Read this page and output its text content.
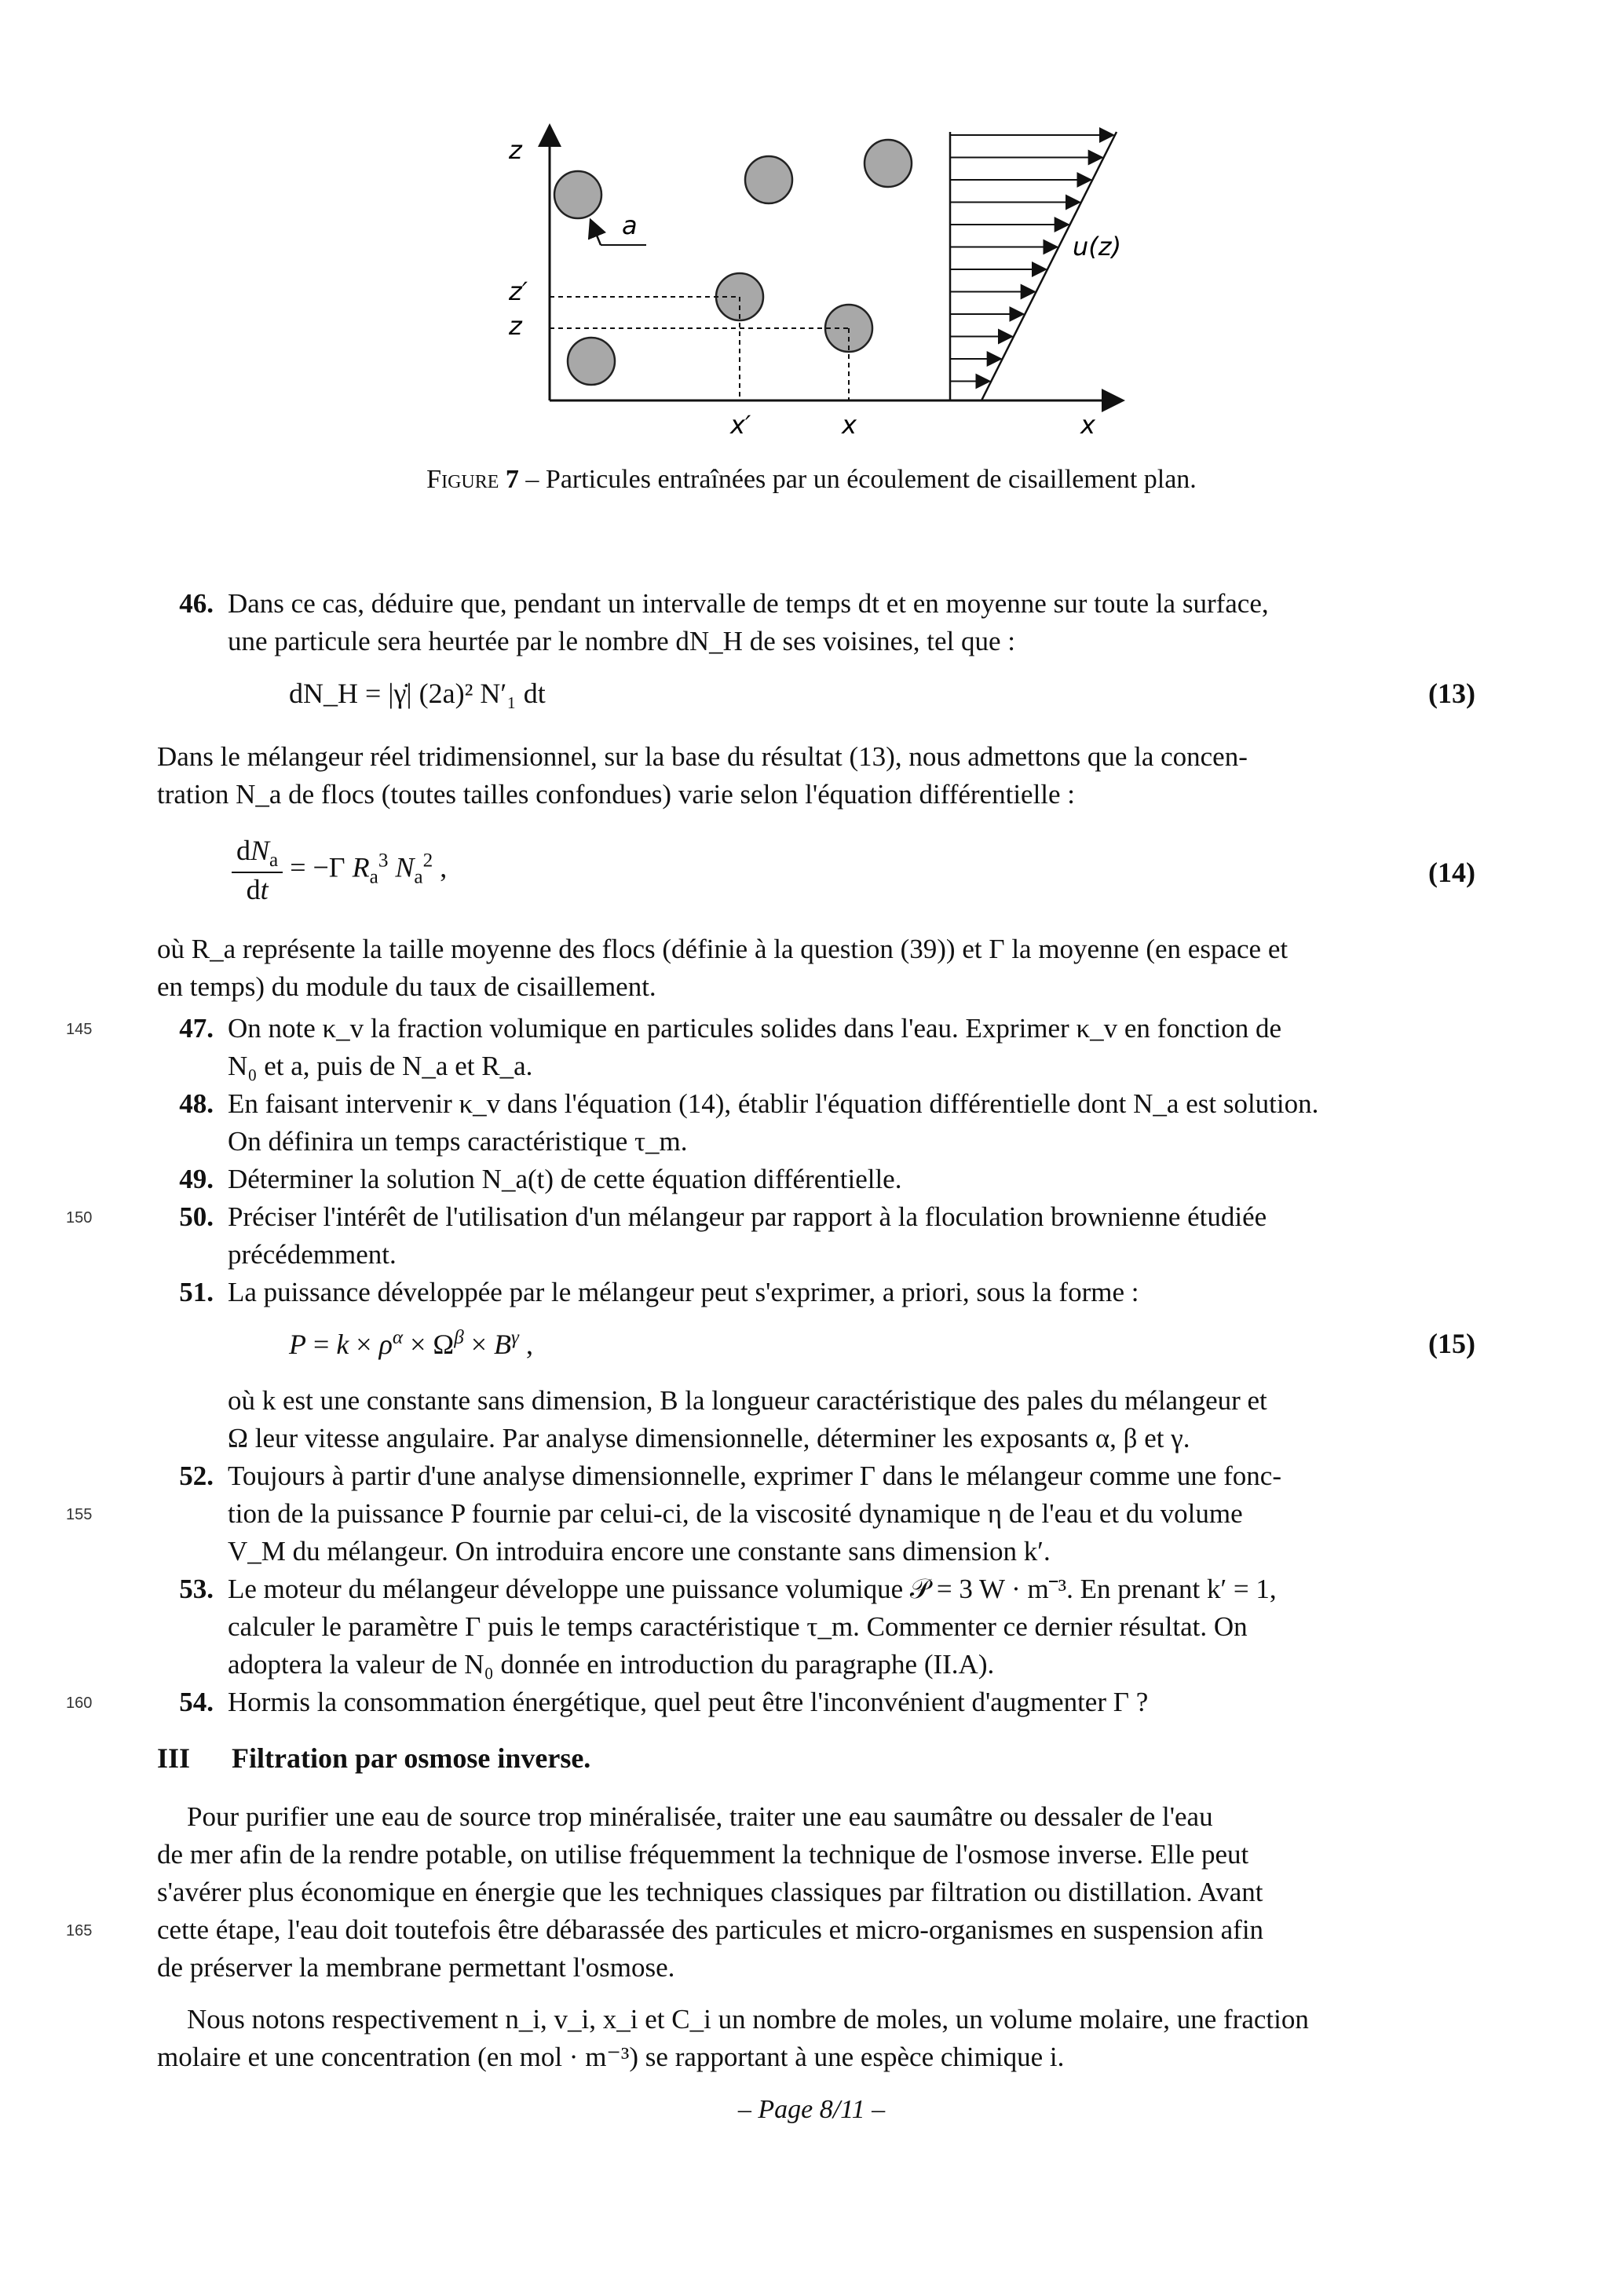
z
a
z′
z
x′	x	x
u(z)
Figure 7 – Particules entraînées par un écoulement de cisaillement plan.
46. Dans ce cas, déduire que, pendant un intervalle de temps dt et en moyenne sur toute la surface,
une particule sera heurtée par le nombre dN_H de ses voisines, tel que :
dN_H = |γ̇| (2a)² N′₁ dt	(13)
Dans le mélangeur réel tridimensionnel, sur la base du résultat (13), nous admettons que la concen-
tration N_a de flocs (toutes tailles confondues) varie selon l'équation différentielle :
$\frac{dN_a}{dt} = -\Gamma$ $R_a^3$ $N_a^2$ ,	(14)
où R_a représente la taille moyenne des flocs (définie à la question (39)) et Γ la moyenne (en espace et
en temps) du module du taux de cisaillement.
145	47. On note κ_v la fraction volumique en particules solides dans l'eau. Exprimer κ_v en fonction de
N₀ et a, puis de N_a et R_a.
48. En faisant intervenir κ_v dans l'équation (14), établir l'équation différentielle dont N_a est solution.
On définira un temps caractéristique τ_m.
49. Déterminer la solution N_a(t) de cette équation différentielle.
150	50. Préciser l'intérêt de l'utilisation d'un mélangeur par rapport à la floculation brownienne étudiée
précédemment.
51. La puissance développée par le mélangeur peut s'exprimer, a priori, sous la forme :
$P = k \times \rho^\alpha \times \Omega^\beta \times B^\gamma$ ,	(15)
où k est une constante sans dimension, B la longueur caractéristique des pales du mélangeur et
Ω leur vitesse angulaire. Par analyse dimensionnelle, déterminer les exposants α, β et γ.
52. Toujours à partir d'une analyse dimensionnelle, exprimer Γ dans le mélangeur comme une fonc-
155	tion de la puissance P fournie par celui-ci, de la viscosité dynamique η de l'eau et du volume
V_M du mélangeur. On introduira encore une constante sans dimension k′.
53. Le moteur du mélangeur développe une puissance volumique 𝒫 = 3 W · m⁻³. En prenant k′ = 1,
calculer le paramètre Γ puis le temps caractéristique τ_m. Commenter ce dernier résultat. On
adoptera la valeur de N₀ donnée en introduction du paragraphe (II.A).
160	54. Hormis la consommation énergétique, quel peut être l'inconvénient d'augmenter Γ ?
III Filtration par osmose inverse.
Pour purifier une eau de source trop minéralisée, traiter une eau saumâtre ou dessaler de l'eau
de mer afin de la rendre potable, on utilise fréquemment la technique de l'osmose inverse. Elle peut
s'avérer plus économique en énergie que les techniques classiques par filtration ou distillation. Avant
165 cette étape, l'eau doit toutefois être débarassée des particules et micro-organismes en suspension afin
de préserver la membrane permettant l'osmose.
Nous notons respectivement n_i, v_i, x_i et C_i un nombre de moles, un volume molaire, une fraction
molaire et une concentration (en mol · m⁻³) se rapportant à une espèce chimique i.
– Page 8/11 –
